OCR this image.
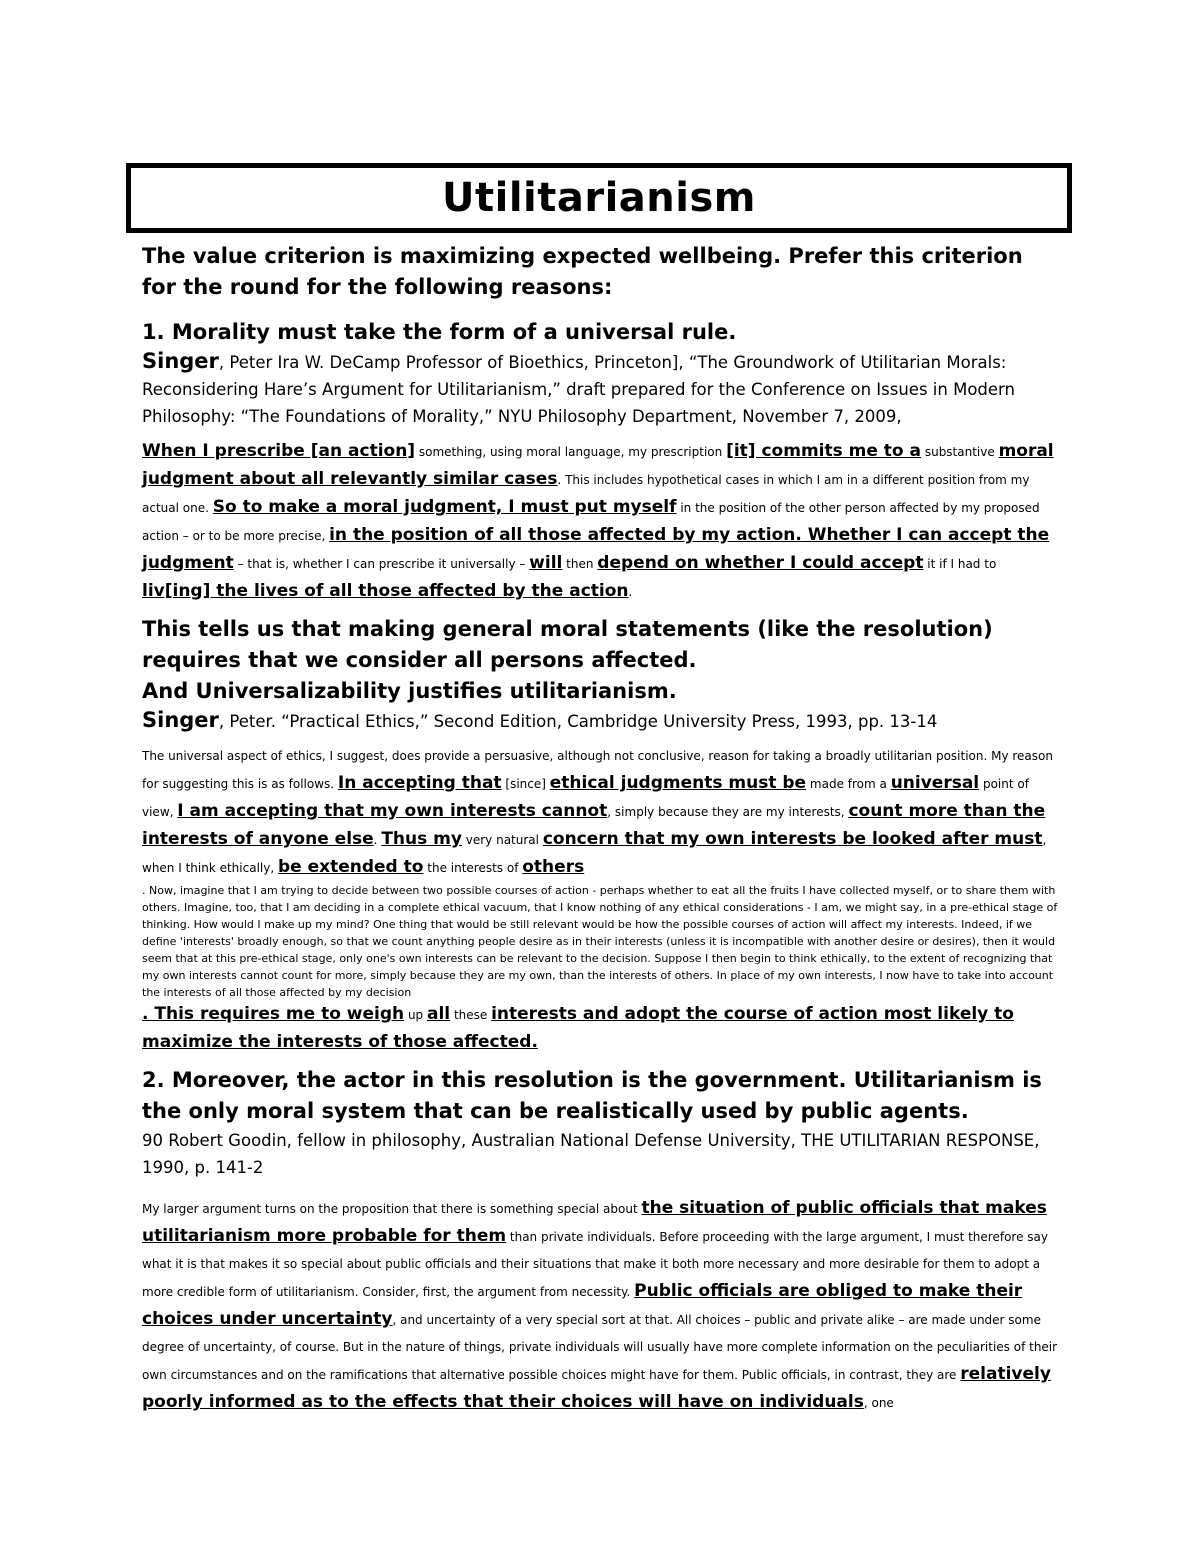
Utilitarianism

The value criterion is maximizing expected wellbeing. Prefer this criterion for the round for the following reasons:

1. Morality must take the form of a universal rule.

Singer, Peter Ira W. DeCamp Professor of Bioethics, Princeton], “The Groundwork of Utilitarian Morals: Reconsidering Hare’s Argument for Utilitarianism,” draft prepared for the Conference on Issues in Modern Philosophy: “The Foundations of Morality,” NYU Philosophy Department, November 7, 2009,

When I prescribe [an action] something, using moral language, my prescription [it] commits me to a substantive moral judgment about all relevantly similar cases. This includes hypothetical cases in which I am in a different position from my actual one. So to make a moral judgment, I must put myself in the position of the other person affected by my proposed action – or to be more precise, in the position of all those affected by my action. Whether I can accept the judgment – that is, whether I can prescribe it universally – will then depend on whether I could accept it if I had to liv[ing] the lives of all those affected by the action.

This tells us that making general moral statements (like the resolution) requires that we consider all persons affected.

And Universalizability justifies utilitarianism.

Singer, Peter. “Practical Ethics,” Second Edition, Cambridge University Press, 1993, pp. 13-14

The universal aspect of ethics, I suggest, does provide a persuasive, although not conclusive, reason for taking a broadly utilitarian position. My reason for suggesting this is as follows. In accepting that [since] ethical judgments must be made from a universal point of view, I am accepting that my own interests cannot, simply because they are my interests, count more than the interests of anyone else. Thus my very natural concern that my own interests be looked after must, when I think ethically, be extended to the interests of others

. Now, imagine that I am trying to decide between two possible courses of action - perhaps whether to eat all the fruits I have collected myself, or to share them with others. Imagine, too, that I am deciding in a complete ethical vacuum, that I know nothing of any ethical considerations - I am, we might say, in a pre-ethical stage of thinking. How would I make up my mind? One thing that would be still relevant would be how the possible courses of action will affect my interests. Indeed, if we define 'interests' broadly enough, so that we count anything people desire as in their interests (unless it is incompatible with another desire or desires), then it would seem that at this pre-ethical stage, only one's own interests can be relevant to the decision. Suppose I then begin to think ethically, to the extent of recognizing that my own interests cannot count for more, simply because they are my own, than the interests of others. In place of my own interests, I now have to take into account the interests of all those affected by my decision

. This requires me to weigh up all these interests and adopt the course of action most likely to maximize the interests of those affected.

2. Moreover, the actor in this resolution is the government. Utilitarianism is the only moral system that can be realistically used by public agents.

90 Robert Goodin, fellow in philosophy, Australian National Defense University, THE UTILITARIAN RESPONSE, 1990, p. 141-2

My larger argument turns on the proposition that there is something special about the situation of public officials that makes utilitarianism more probable for them than private individuals. Before proceeding with the large argument, I must therefore say what it is that makes it so special about public officials and their situations that make it both more necessary and more desirable for them to adopt a more credible form of utilitarianism. Consider, first, the argument from necessity. Public officials are obliged to make their choices under uncertainty, and uncertainty of a very special sort at that. All choices – public and private alike – are made under some degree of uncertainty, of course. But in the nature of things, private individuals will usually have more complete information on the peculiarities of their own circumstances and on the ramifications that alternative possible choices might have for them. Public officials, in contrast, they are relatively poorly informed as to the effects that their choices will have on individuals, one
